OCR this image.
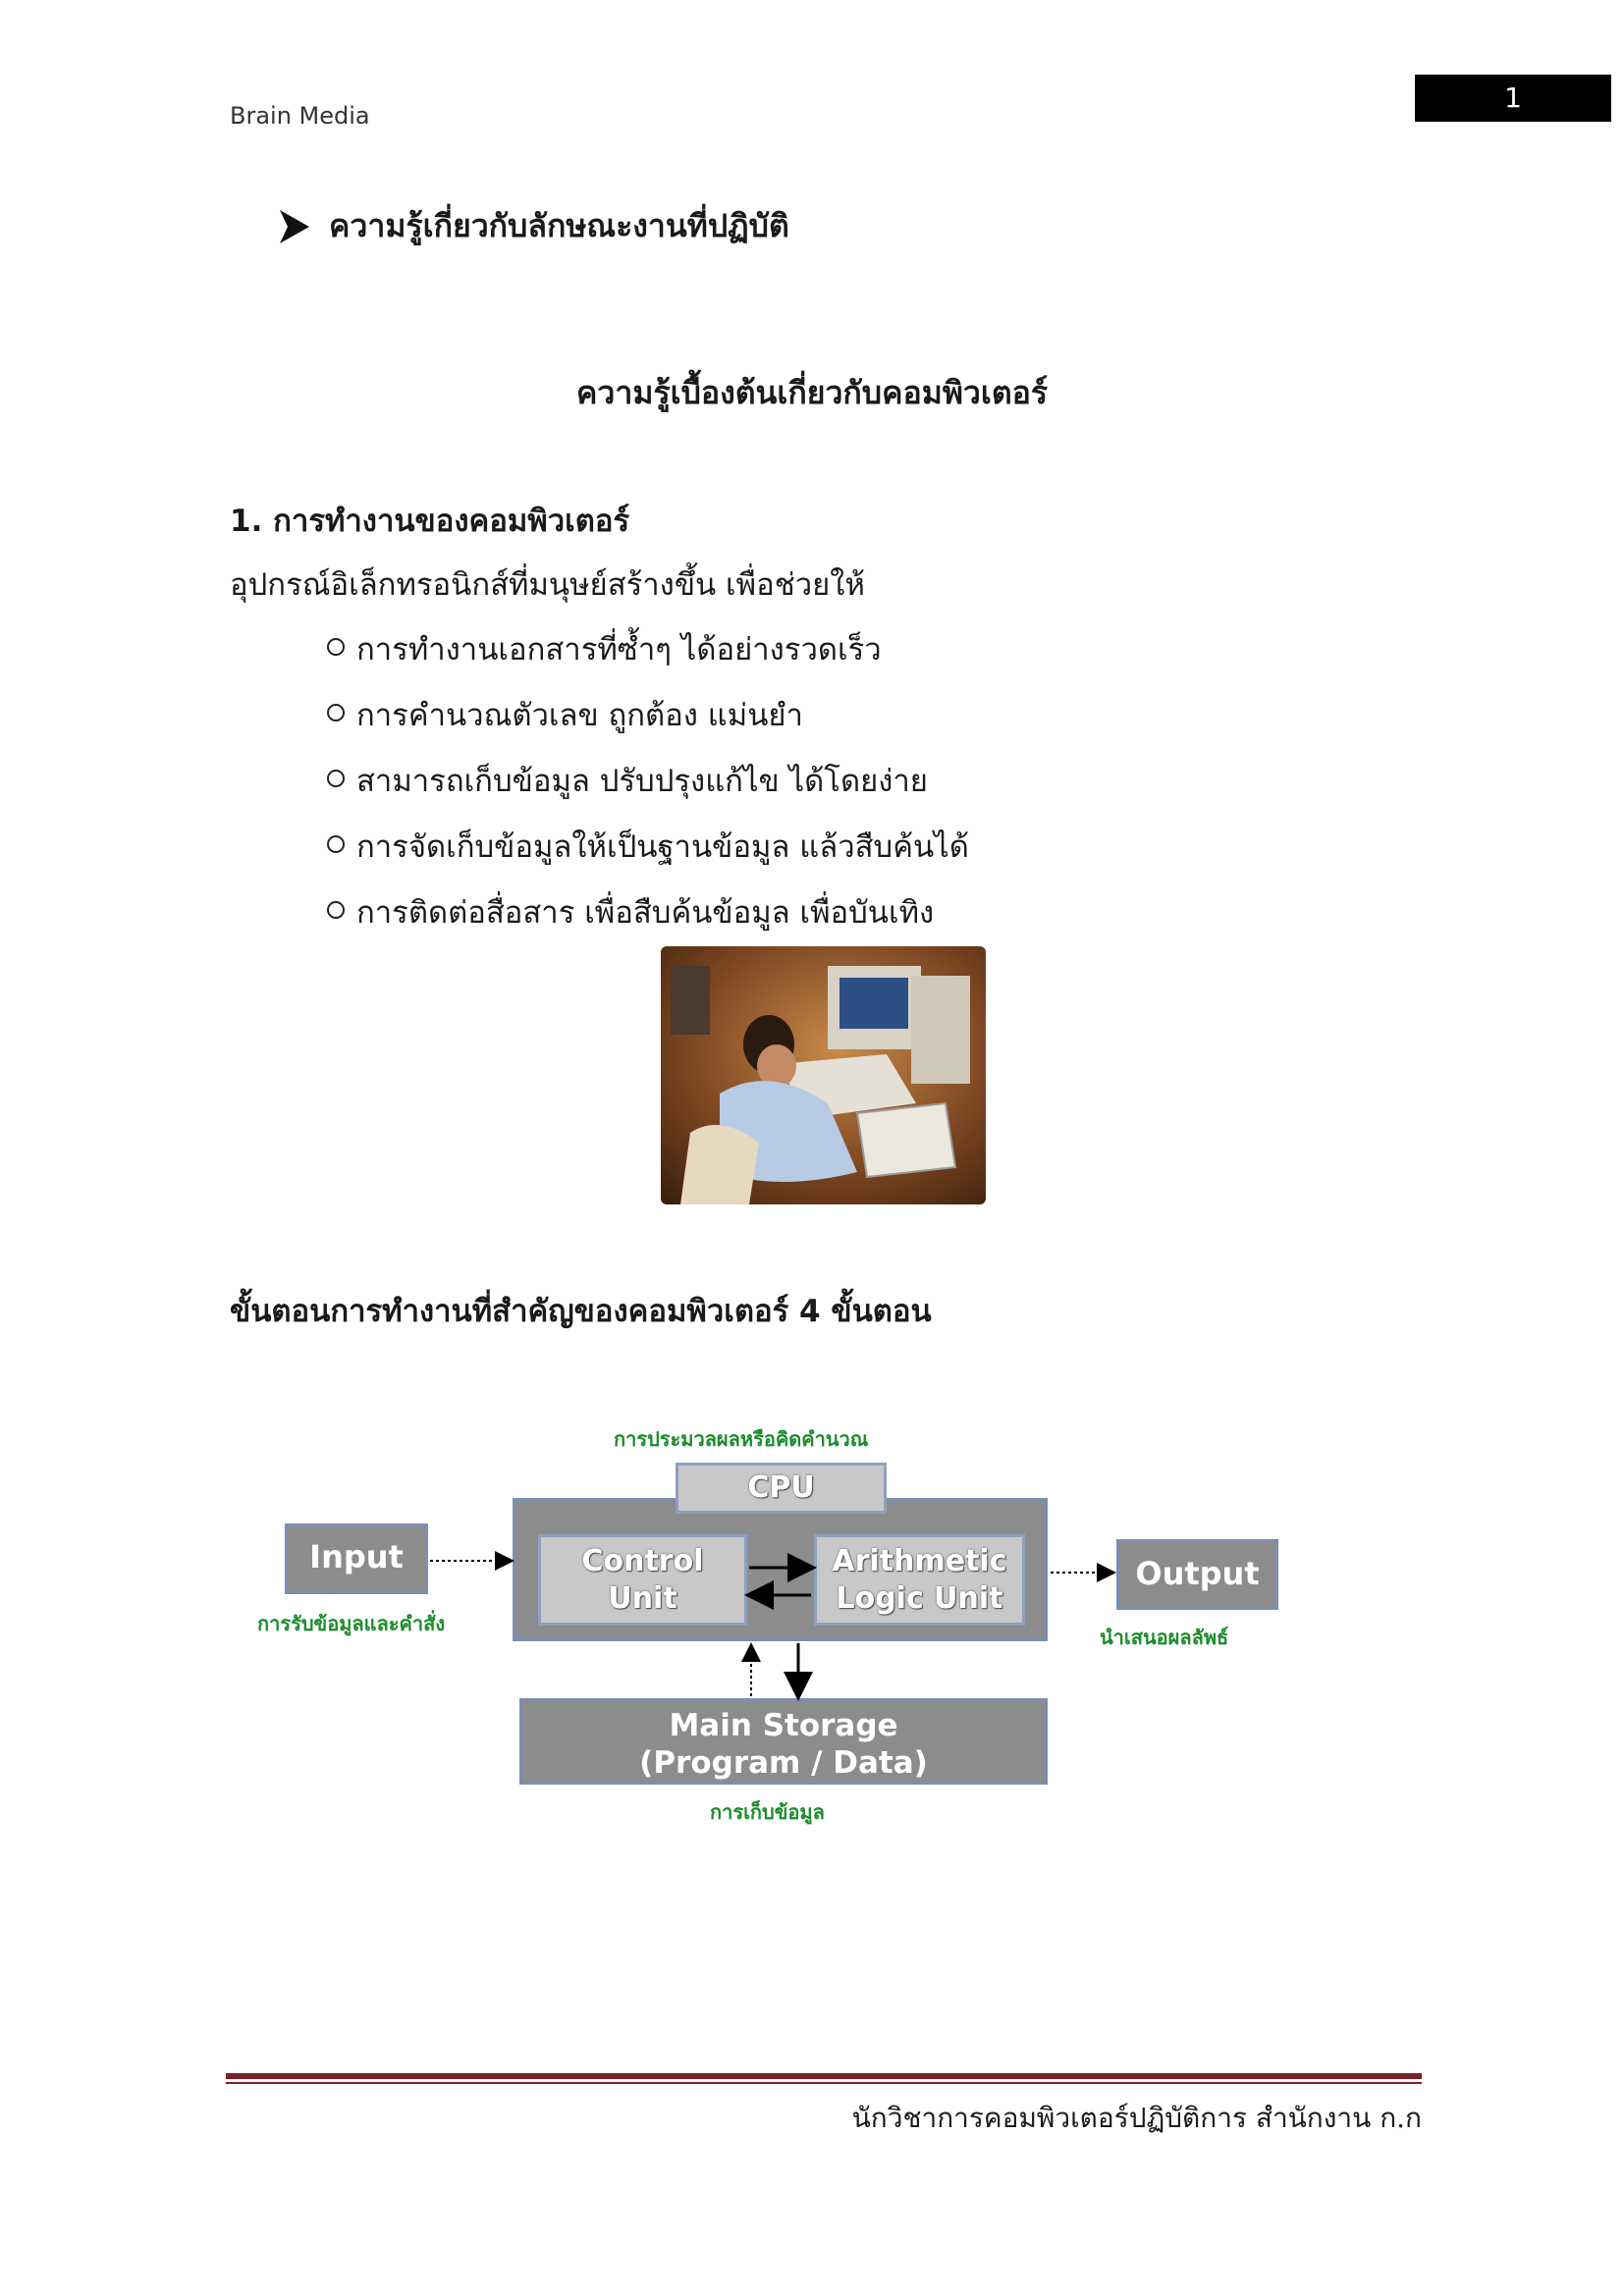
Brain Media
1
ความรู้เกี่ยวกับลักษณะงานที่ปฏิบัติ
ความรู้เบื้องต้นเกี่ยวกับคอมพิวเตอร์
1. การทำงานของคอมพิวเตอร์
อุปกรณ์อิเล็กทรอนิกส์ที่มนุษย์สร้างขึ้น เพื่อช่วยให้
การทำงานเอกสารที่ซ้ำๆ ได้อย่างรวดเร็ว
การคำนวณตัวเลข ถูกต้อง แม่นยำ
สามารถเก็บข้อมูล ปรับปรุงแก้ไข ได้โดยง่าย
การจัดเก็บข้อมูลให้เป็นฐานข้อมูล แล้วสืบค้นได้
การติดต่อสื่อสาร เพื่อสืบค้นข้อมูล เพื่อบันเทิง
ขั้นตอนการทำงานที่สำคัญของคอมพิวเตอร์ 4 ขั้นตอน
การประมวลผลหรือคิดคำนวณ
CPU
Control
Unit
Arithmetic
Logic Unit
Input
การรับข้อมูลและคำสั่ง
Output
นำเสนอผลลัพธ์
Main Storage
(Program / Data)
การเก็บข้อมูล
นักวิชาการคอมพิวเตอร์ปฏิบัติการ สำนักงาน ก.ก
